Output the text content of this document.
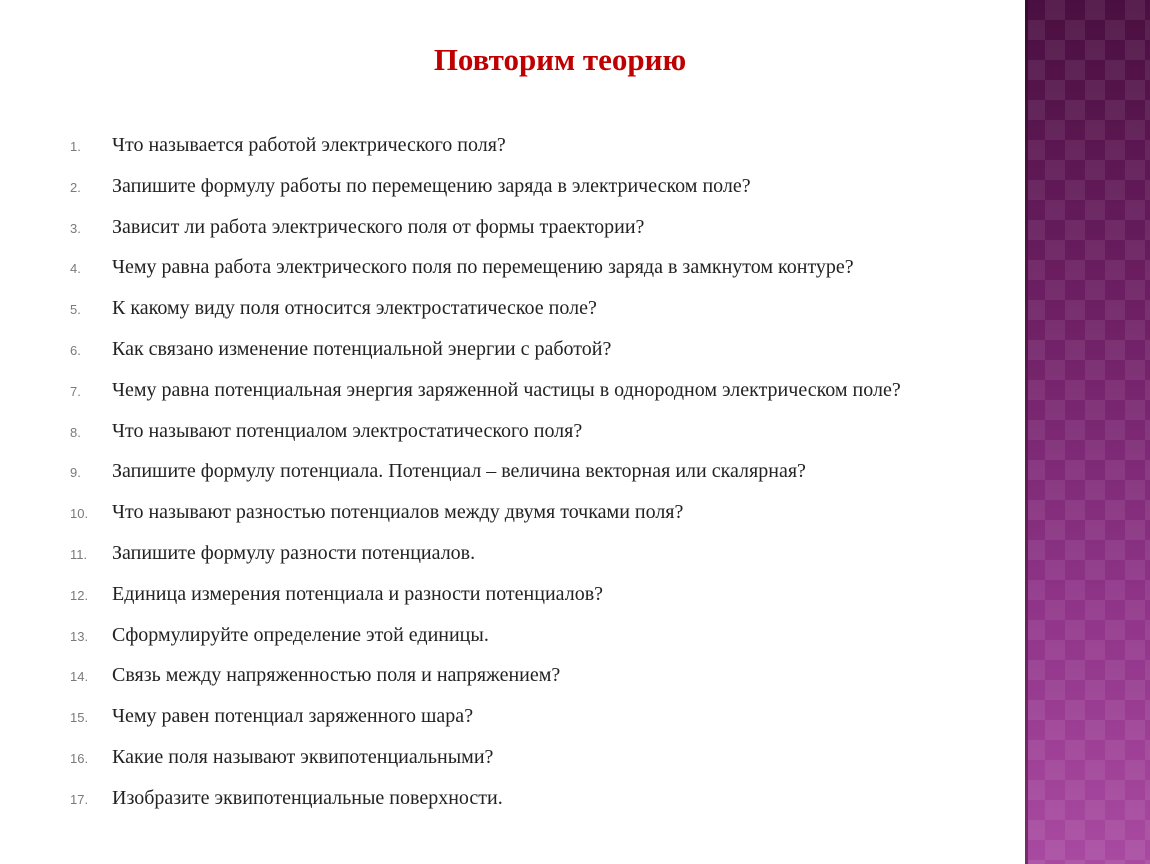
Повторим теорию
1. Что называется работой электрического поля?
2. Запишите формулу работы по перемещению заряда в электрическом поле?
3. Зависит ли работа электрического поля от формы траектории?
4. Чему равна работа электрического поля по перемещению заряда в замкнутом контуре?
5. К какому виду поля относится электростатическое поле?
6. Как связано изменение потенциальной энергии с работой?
7. Чему равна потенциальная энергия заряженной частицы в однородном электрическом поле?
8. Что называют потенциалом электростатического поля?
9. Запишите формулу потенциала. Потенциал – величина векторная или скалярная?
10. Что называют разностью потенциалов между двумя точками поля?
11. Запишите формулу разности потенциалов.
12. Единица измерения потенциала и разности потенциалов?
13. Сформулируйте определение этой единицы.
14. Связь между напряженностью поля и напряжением?
15. Чему равен потенциал заряженного шара?
16. Какие поля называют эквипотенциальными?
17. Изобразите эквипотенциальные поверхности.
